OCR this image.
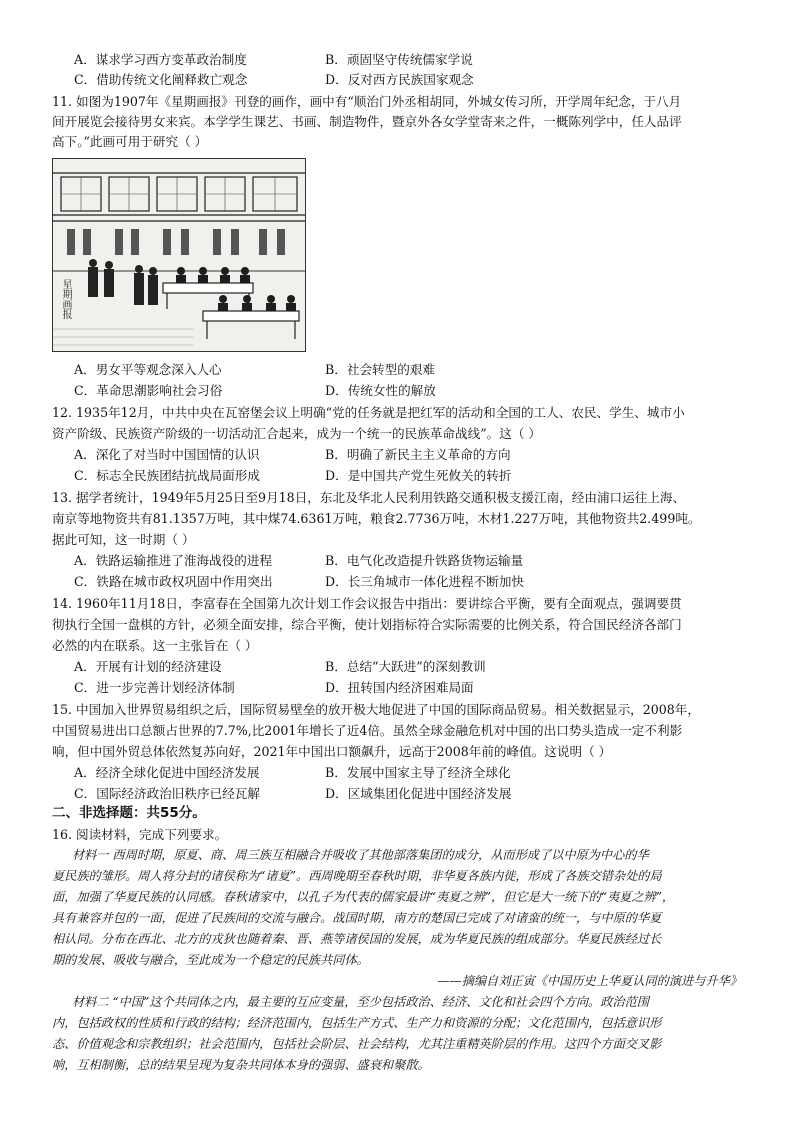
A．谋求学习西方变革政治制度	B．顽固坚守传统儒家学说
C．借助传统文化阐释救亡观念	D．反对西方民族国家观念
11. 如图为1907年《星期画报》刊登的画作，画中有“顺治门外丞相胡同，外城女传习所，开学周年纪念，于八月
间开展览会接待男女来宾。本学学生课艺、书画、制造物件，暨京外各女学堂寄来之件，一概陈列学中，任人品评
高下。”此画可用于研究（ ）
星期画报
A．男女平等观念深入人心	B．社会转型的艰难
C．革命思潮影响社会习俗	D．传统女性的解放
12. 1935年12月，中共中央在瓦窑堡会议上明确“党的任务就是把红军的活动和全国的工人、农民、学生、城市小
资产阶级、民族资产阶级的一切活动汇合起来，成为一个统一的民族革命战线”。这（ ）
A．深化了对当时中国国情的认识	B．明确了新民主主义革命的方向
C．标志全民族团结抗战局面形成	D．是中国共产党生死攸关的转折
13. 据学者统计，1949年5月25日至9月18日，东北及华北人民利用铁路交通积极支援江南，经由浦口运往上海、
南京等地物资共有81.1357万吨，其中煤74.6361万吨，粮食2.7736万吨，木材1.227万吨，其他物资共2.499吨。
据此可知，这一时期（ ）
A．铁路运输推进了淮海战役的进程	B．电气化改造提升铁路货物运输量
C．铁路在城市政权巩固中作用突出	D．长三角城市一体化进程不断加快
14. 1960年11月18日，李富春在全国第九次计划工作会议报告中指出：要讲综合平衡，要有全面观点，强调要贯
彻执行全国一盘棋的方针，必须全面安排，综合平衡，使计划指标符合实际需要的比例关系，符合国民经济各部门
必然的内在联系。这一主张旨在（ ）
A．开展有计划的经济建设	B．总结“大跃进”的深刻教训
C．进一步完善计划经济体制	D．扭转国内经济困难局面
15. 中国加入世界贸易组织之后，国际贸易壁垒的放开极大地促进了中国的国际商品贸易。相关数据显示，2008年，
中国贸易进出口总额占世界的7.7%,比2001年增长了近4倍。虽然全球金融危机对中国的出口势头造成一定不利影
响，但中国外贸总体依然复苏向好，2021年中国出口额飙升，远高于2008年前的峰值。这说明（ ）
A．经济全球化促进中国经济发展	B．发展中国家主导了经济全球化
C．国际经济政治旧秩序已经瓦解	D．区域集团化促进中国经济发展
二、非选择题：共55分。
16. 阅读材料，完成下列要求。
材料一 西周时期，原夏、商、周三族互相融合并吸收了其他部落集团的成分，从而形成了以中原为中心的华
夏民族的雏形。周人将分封的诸侯称为“诸夏”。西周晚期至春秋时期，非华夏各族内徙，形成了各族交错杂处的局
面，加强了华夏民族的认同感。春秋诸家中，以孔子为代表的儒家最讲“夷夏之辨”，但它是大一统下的“夷夏之辨”，
具有兼容并包的一面，促进了民族间的交流与融合。战国时期，南方的楚国已完成了对诸蛮的统一，与中原的华夏
相认同。分布在西北、北方的戎狄也随着秦、晋、燕等诸侯国的发展，成为华夏民族的组成部分。华夏民族经过长
期的发展、吸收与融合，至此成为一个稳定的民族共同体。
——摘编自刘正寅《中国历史上华夏认同的演进与升华》
材料二 “中国”这个共同体之内，最主要的互应变量，至少包括政治、经济、文化和社会四个方向。政治范围
内，包括政权的性质和行政的结构；经济范围内，包括生产方式、生产力和资源的分配；文化范围内，包括意识形
态、价值观念和宗教组织；社会范围内，包括社会阶层、社会结构，尤其注重精英阶层的作用。这四个方面交叉影
响，互相制衡，总的结果呈现为复杂共同体本身的强弱、盛衰和聚散。
